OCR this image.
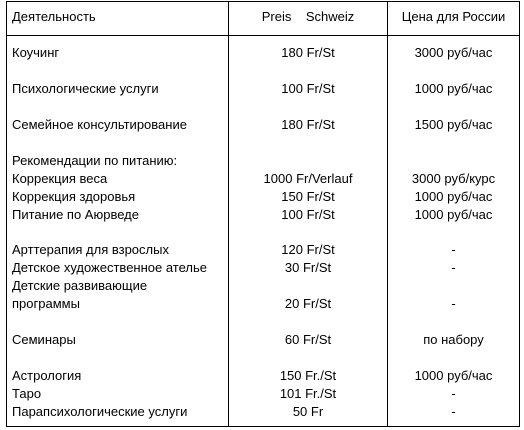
Деятельность	Preis    Schweiz	Цена для России
Коучинг	180 Fr/St	3000 руб/час
Психологические услуги	100 Fr/St	1000 руб/час
Семейное консультирование	180 Fr/St	1500 руб/час
Рекомендации по питанию:
Коррекция веса	1000 Fr/Verlauf	3000 руб/курс
Коррекция здоровья	150 Fr/St	1000 руб/час
Питание по Аюрведе	100 Fr/St	1000 руб/час
Арттерапия для взрослых	120 Fr/St	-
Детское художественное ателье	30 Fr/St	-
Детские развивающие
программы	20 Fr/St	-
Семинары	60 Fr/St	по набору
Астрология	150 Fr./St	1000 руб/час
Таро	101 Fr./St	-
Парапсихологические услуги	50 Fr	-
